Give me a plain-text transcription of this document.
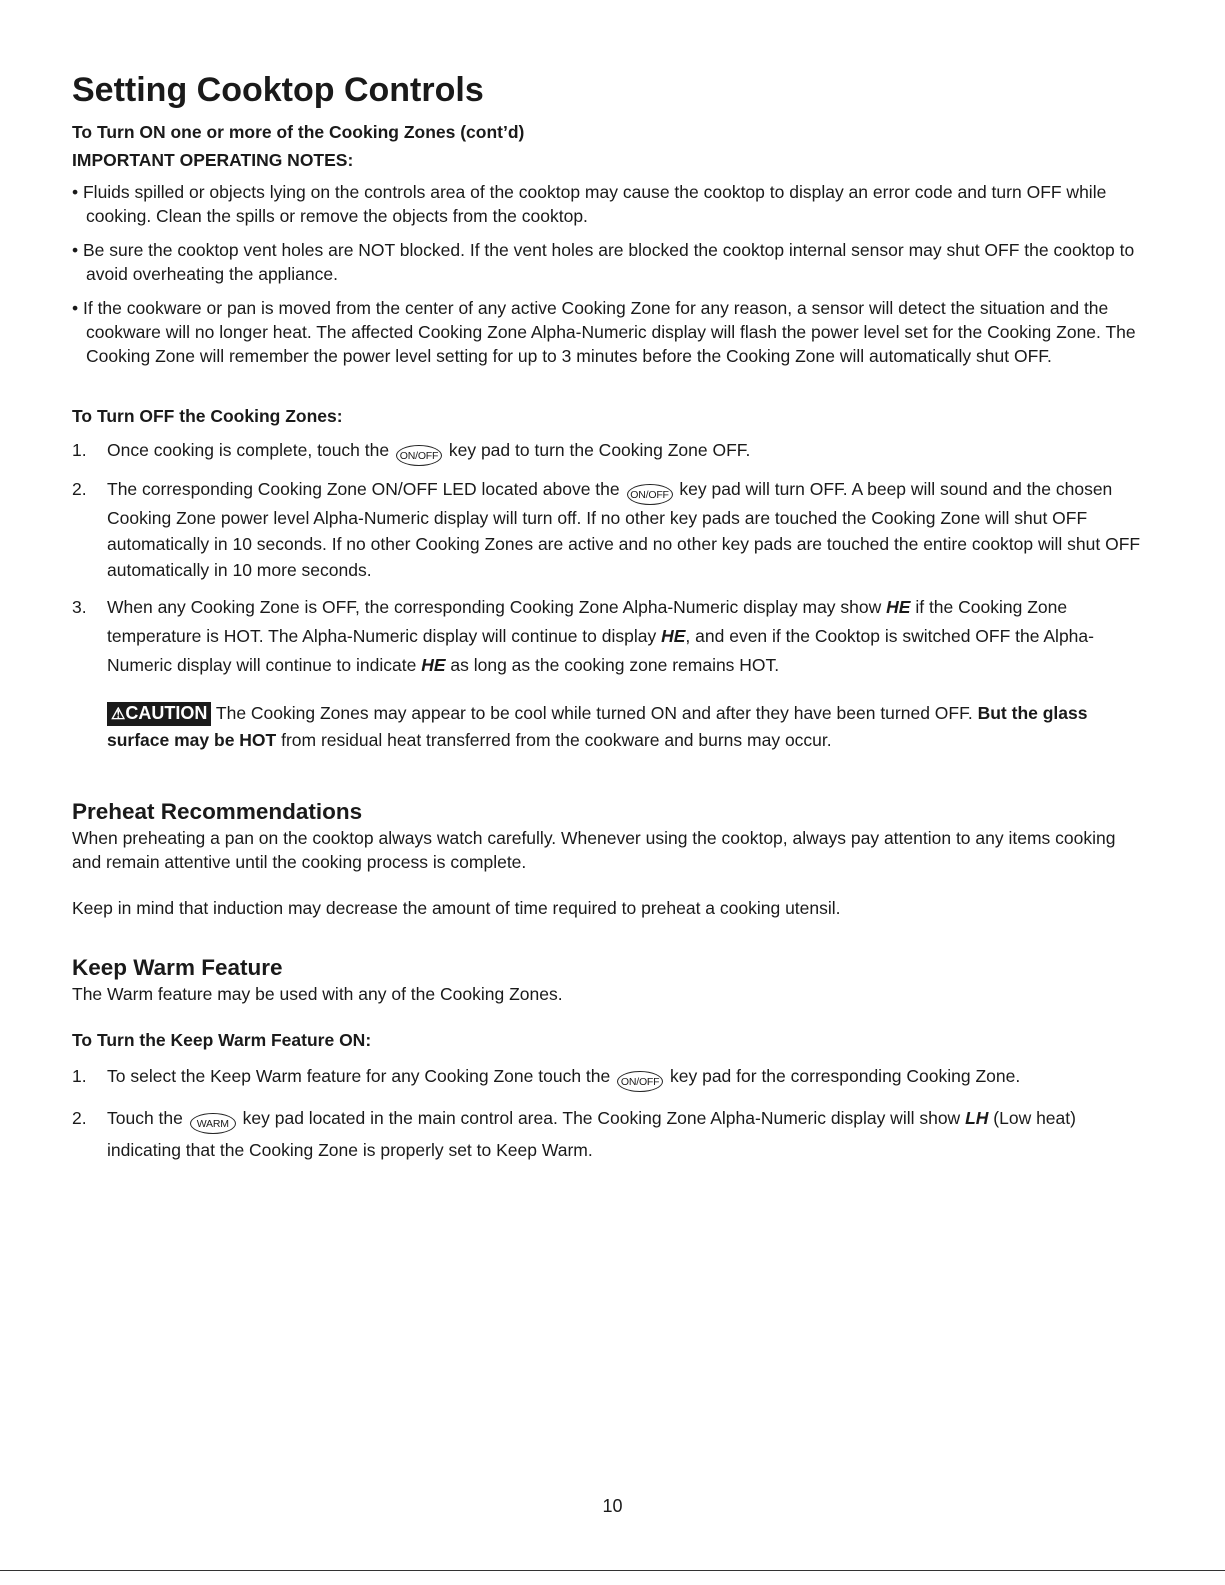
Setting Cooktop Controls

To Turn ON one or more of the Cooking Zones (cont’d)

IMPORTANT OPERATING NOTES:

• Fluids spilled or objects lying on the controls area of the cooktop may cause the cooktop to display an error code and turn OFF while cooking. Clean the spills or remove the objects from the cooktop.

• Be sure the cooktop vent holes are NOT blocked. If the vent holes are blocked the cooktop internal sensor may shut OFF the cooktop to avoid overheating the appliance.

• If the cookware or pan is moved from the center of any active Cooking Zone for any reason, a sensor will detect the situation and the cookware will no longer heat. The affected Cooking Zone Alpha-Numeric display will flash the power level set for the Cooking Zone. The Cooking Zone will remember the power level setting for up to 3 minutes before the Cooking Zone will automatically shut OFF.

To Turn OFF the Cooking Zones:

1. Once cooking is complete, touch the ON/OFF key pad to turn the Cooking Zone OFF.
2. The corresponding Cooking Zone ON/OFF LED located above the ON/OFF key pad will turn OFF. A beep will sound and the chosen Cooking Zone power level Alpha-Numeric display will turn off. If no other key pads are touched the Cooking Zone will shut OFF automatically in 10 seconds. If no other Cooking Zones are active and no other key pads are touched the entire cooktop will shut OFF automatically in 10 more seconds.
3. When any Cooking Zone is OFF, the corresponding Cooking Zone Alpha-Numeric display may show HE if the Cooking Zone temperature is HOT. The Alpha-Numeric display will continue to display HE, and even if the Cooktop is switched OFF the Alpha-Numeric display will continue to indicate HE as long as the cooking zone remains HOT.
⚠CAUTION The Cooking Zones may appear to be cool while turned ON and after they have been turned OFF. But the glass surface may be HOT from residual heat transferred from the cookware and burns may occur.
Preheat Recommendations

When preheating a pan on the cooktop always watch carefully. Whenever using the cooktop, always pay attention to any items cooking and remain attentive until the cooking process is complete.

Keep in mind that induction may decrease the amount of time required to preheat a cooking utensil.

Keep Warm Feature

The Warm feature may be used with any of the Cooking Zones.

To Turn the Keep Warm Feature ON:

1. To select the Keep Warm feature for any Cooking Zone touch the ON/OFF key pad for the corresponding Cooking Zone.
2. Touch the WARM key pad located in the main control area. The Cooking Zone Alpha-Numeric display will show LH (Low heat) indicating that the Cooking Zone is properly set to Keep Warm.
10
